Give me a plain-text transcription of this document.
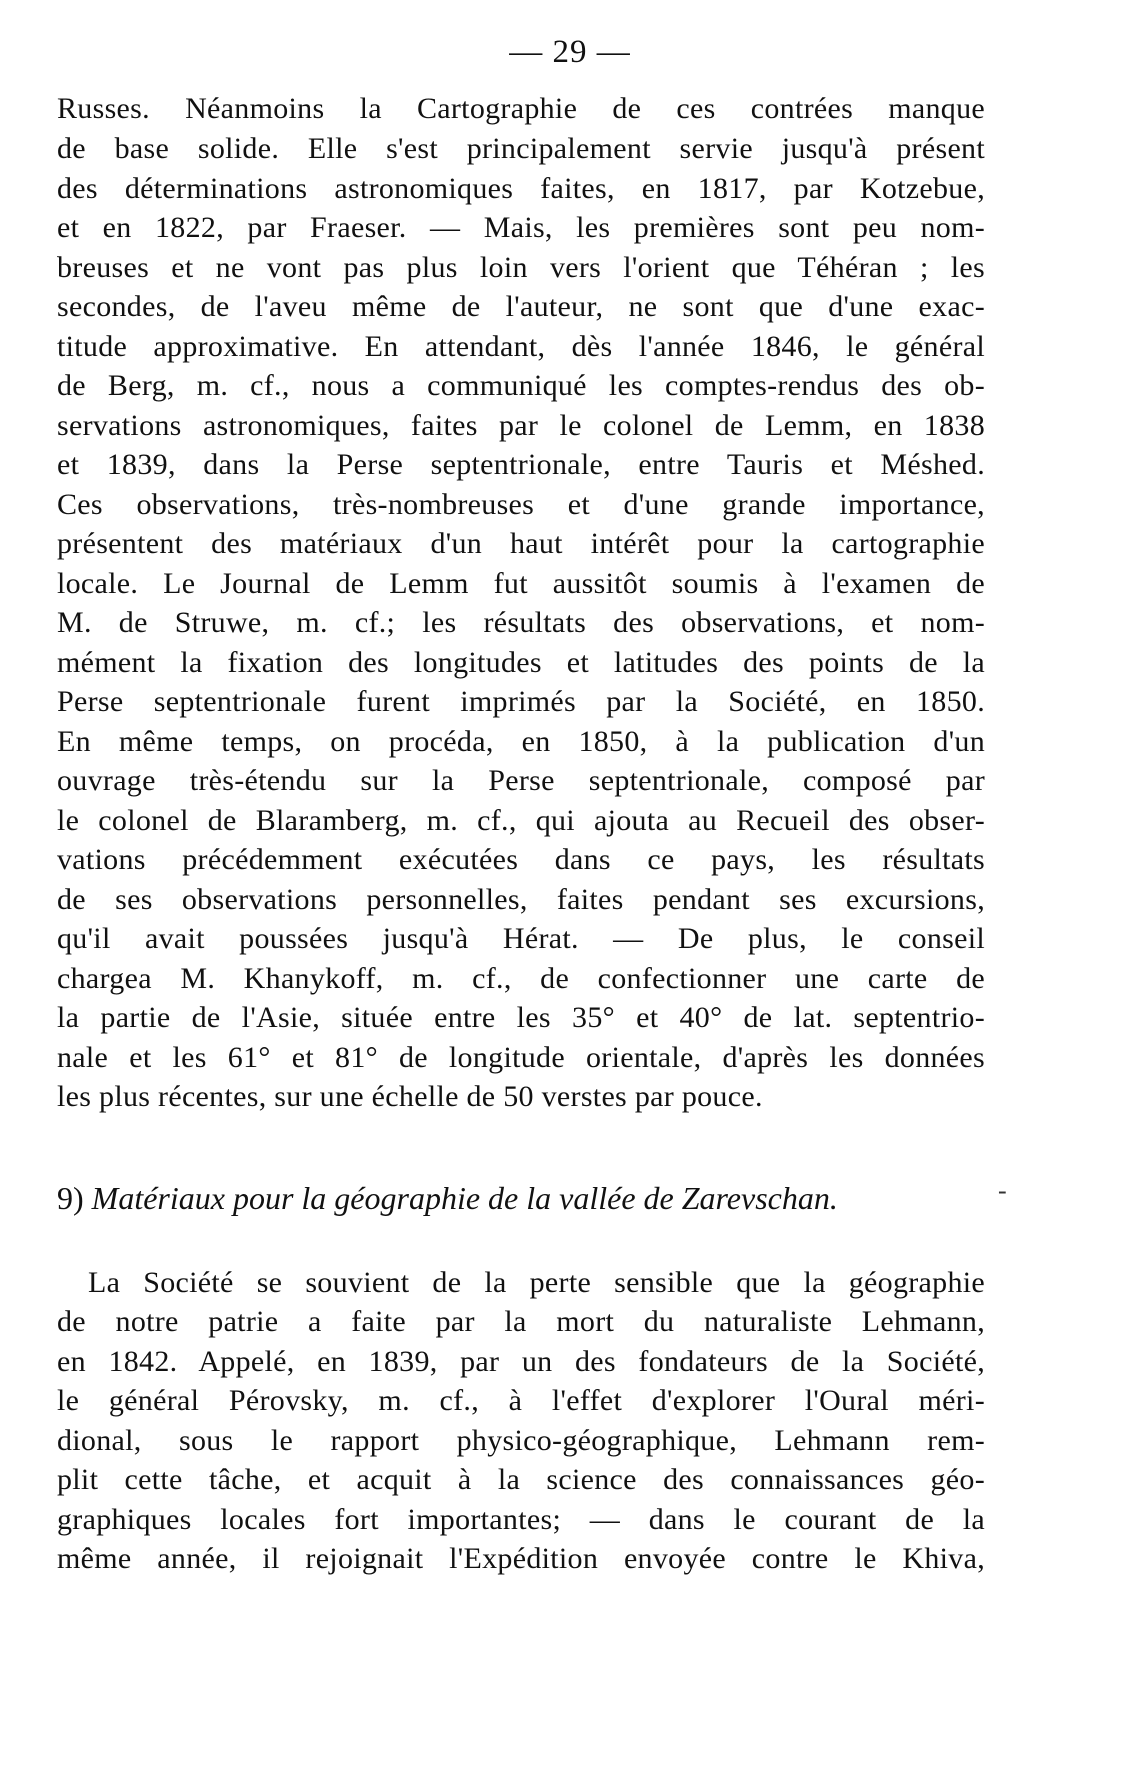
— 29 —
Russes. Néanmoins la Cartographie de ces contrées manque
de base solide. Elle s'est principalement servie jusqu'à présent
des déterminations astronomiques faites, en 1817, par Kotzebue,
et en 1822, par Fraeser. — Mais, les premières sont peu nom-
breuses et ne vont pas plus loin vers l'orient que Téhéran ; les
secondes, de l'aveu même de l'auteur, ne sont que d'une exac-
titude approximative. En attendant, dès l'année 1846, le général
de Berg, m. cf., nous a communiqué les comptes-rendus des ob-
servations astronomiques, faites par le colonel de Lemm, en 1838
et 1839, dans la Perse septentrionale, entre Tauris et Méshed.
Ces observations, très-nombreuses et d'une grande importance,
présentent des matériaux d'un haut intérêt pour la cartographie
locale. Le Journal de Lemm fut aussitôt soumis à l'examen de
M. de Struwe, m. cf.; les résultats des observations, et nom-
mément la fixation des longitudes et latitudes des points de la
Perse septentrionale furent imprimés par la Société, en 1850.
En même temps, on procéda, en 1850, à la publication d'un
ouvrage très-étendu sur la Perse septentrionale, composé par
le colonel de Blaramberg, m. cf., qui ajouta au Recueil des obser-
vations précédemment exécutées dans ce pays, les résultats
de ses observations personnelles, faites pendant ses excursions,
qu'il avait poussées jusqu'à Hérat. — De plus, le conseil
chargea M. Khanykoff, m. cf., de confectionner une carte de
la partie de l'Asie, située entre les 35° et 40° de lat. septentrio-
nale et les 61° et 81° de longitude orientale, d'après les données
les plus récentes, sur une échelle de 50 verstes par pouce.
9) Matériaux pour la géographie de la vallée de Zarevschan.	-
La Société se souvient de la perte sensible que la géographie
de notre patrie a faite par la mort du naturaliste Lehmann,
en 1842. Appelé, en 1839, par un des fondateurs de la Société,
le général Pérovsky, m. cf., à l'effet d'explorer l'Oural méri-
dional, sous le rapport physico-géographique, Lehmann rem-
plit cette tâche, et acquit à la science des connaissances géo-
graphiques locales fort importantes; — dans le courant de la
même année, il rejoignait l'Expédition envoyée contre le Khiva,
